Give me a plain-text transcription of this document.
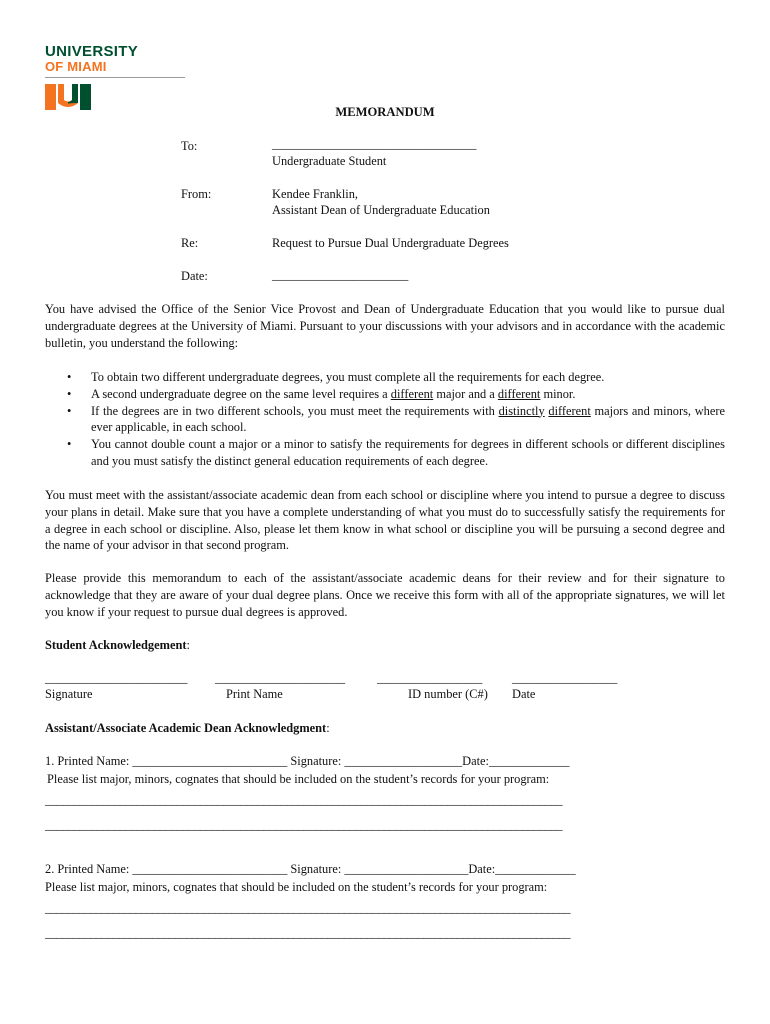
UNIVERSITY
OF MIAMI
MEMORANDUM
To:	_________________________________
Undergraduate Student
From:	Kendee Franklin,
Assistant Dean of Undergraduate Education
Re:	Request to Pursue Dual Undergraduate Degrees
Date:	______________________

You have advised the Office of the Senior Vice Provost and Dean of Undergraduate Education that you would like to pursue dual undergraduate degrees at the University of Miami. Pursuant to your discussions with your advisors and in accordance with the academic bulletin, you understand the following:

• To obtain two different undergraduate degrees, you must complete all the requirements for each degree.
• A second undergraduate degree on the same level requires a different major and a different minor.
• If the degrees are in two different schools, you must meet the requirements with distinctly different majors and minors, where ever applicable, in each school.
• You cannot double count a major or a minor to satisfy the requirements for degrees in different schools or different disciplines and you must satisfy the distinct general education requirements of each degree.

You must meet with the assistant/associate academic dean from each school or discipline where you intend to pursue a degree to discuss your plans in detail. Make sure that you have a complete understanding of what you must do to successfully satisfy the requirements for a degree in each school or discipline. Also, please let them know in what school or discipline you will be pursuing a second degree and the name of your advisor in that second program.

Please provide this memorandum to each of the assistant/associate academic deans for their review and for their signature to acknowledge that they are aware of your dual degree plans. Once we receive this form with all of the appropriate signatures, we will let you know if your request to pursue dual degrees is approved.

Student Acknowledgement:
_______________________ _____________________	_________________ _________________
Signature	Print Name	ID number (C#) Date
Assistant/Associate Academic Dean Acknowledgment:
1. Printed Name: _________________________ Signature: ___________________Date:_____________
Please list major, minors, cognates that should be included on the student’s records for your program:
__________________________________________________________________________________________
__________________________________________________________________________________________
2. Printed Name: _________________________ Signature: ____________________Date:_____________
Please list major, minors, cognates that should be included on the student’s records for your program:
_____________________________________________________________________________________________
_____________________________________________________________________________________________
